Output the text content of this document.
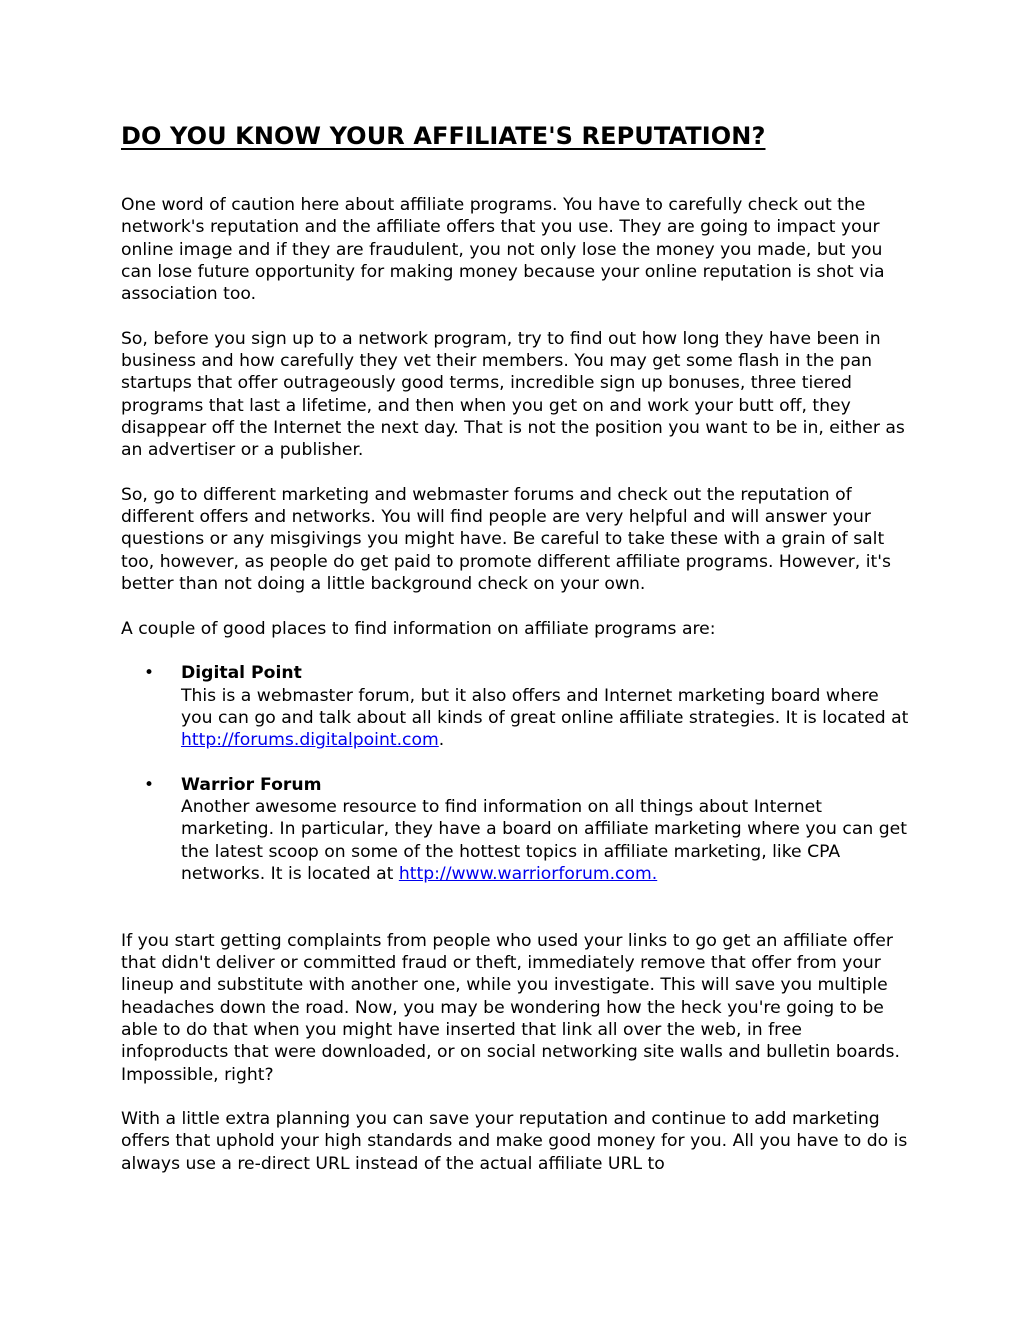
DO YOU KNOW YOUR AFFILIATE'S REPUTATION?

One word of caution here about affiliate programs. You have to carefully check out the network's reputation and the affiliate offers that you use. They are going to impact your online image and if they are fraudulent, you not only lose the money you made, but you can lose future opportunity for making money because your online reputation is shot via association too.

So, before you sign up to a network program, try to find out how long they have been in business and how carefully they vet their members. You may get some flash in the pan startups that offer outrageously good terms, incredible sign up bonuses, three tiered programs that last a lifetime, and then when you get on and work your butt off, they disappear off the Internet the next day. That is not the position you want to be in, either as an advertiser or a publisher.

So, go to different marketing and webmaster forums and check out the reputation of different offers and networks. You will find people are very helpful and will answer your questions or any misgivings you might have. Be careful to take these with a grain of salt too, however, as people do get paid to promote different affiliate programs. However, it's better than not doing a little background check on your own.

A couple of good places to find information on affiliate programs are:

• Digital Point
This is a webmaster forum, but it also offers and Internet marketing board where you can go and talk about all kinds of great online affiliate strategies. It is located at http://forums.digitalpoint.com.
• Warrior Forum
Another awesome resource to find information on all things about Internet marketing. In particular, they have a board on affiliate marketing where you can get the latest scoop on some of the hottest topics in affiliate marketing, like CPA networks. It is located at http://www.warriorforum.com.

If you start getting complaints from people who used your links to go get an affiliate offer that didn't deliver or committed fraud or theft, immediately remove that offer from your lineup and substitute with another one, while you investigate. This will save you multiple headaches down the road. Now, you may be wondering how the heck you're going to be able to do that when you might have inserted that link all over the web, in free infoproducts that were downloaded, or on social networking site walls and bulletin boards. Impossible, right?

With a little extra planning you can save your reputation and continue to add marketing offers that uphold your high standards and make good money for you. All you have to do is always use a re-direct URL instead of the actual affiliate URL to
